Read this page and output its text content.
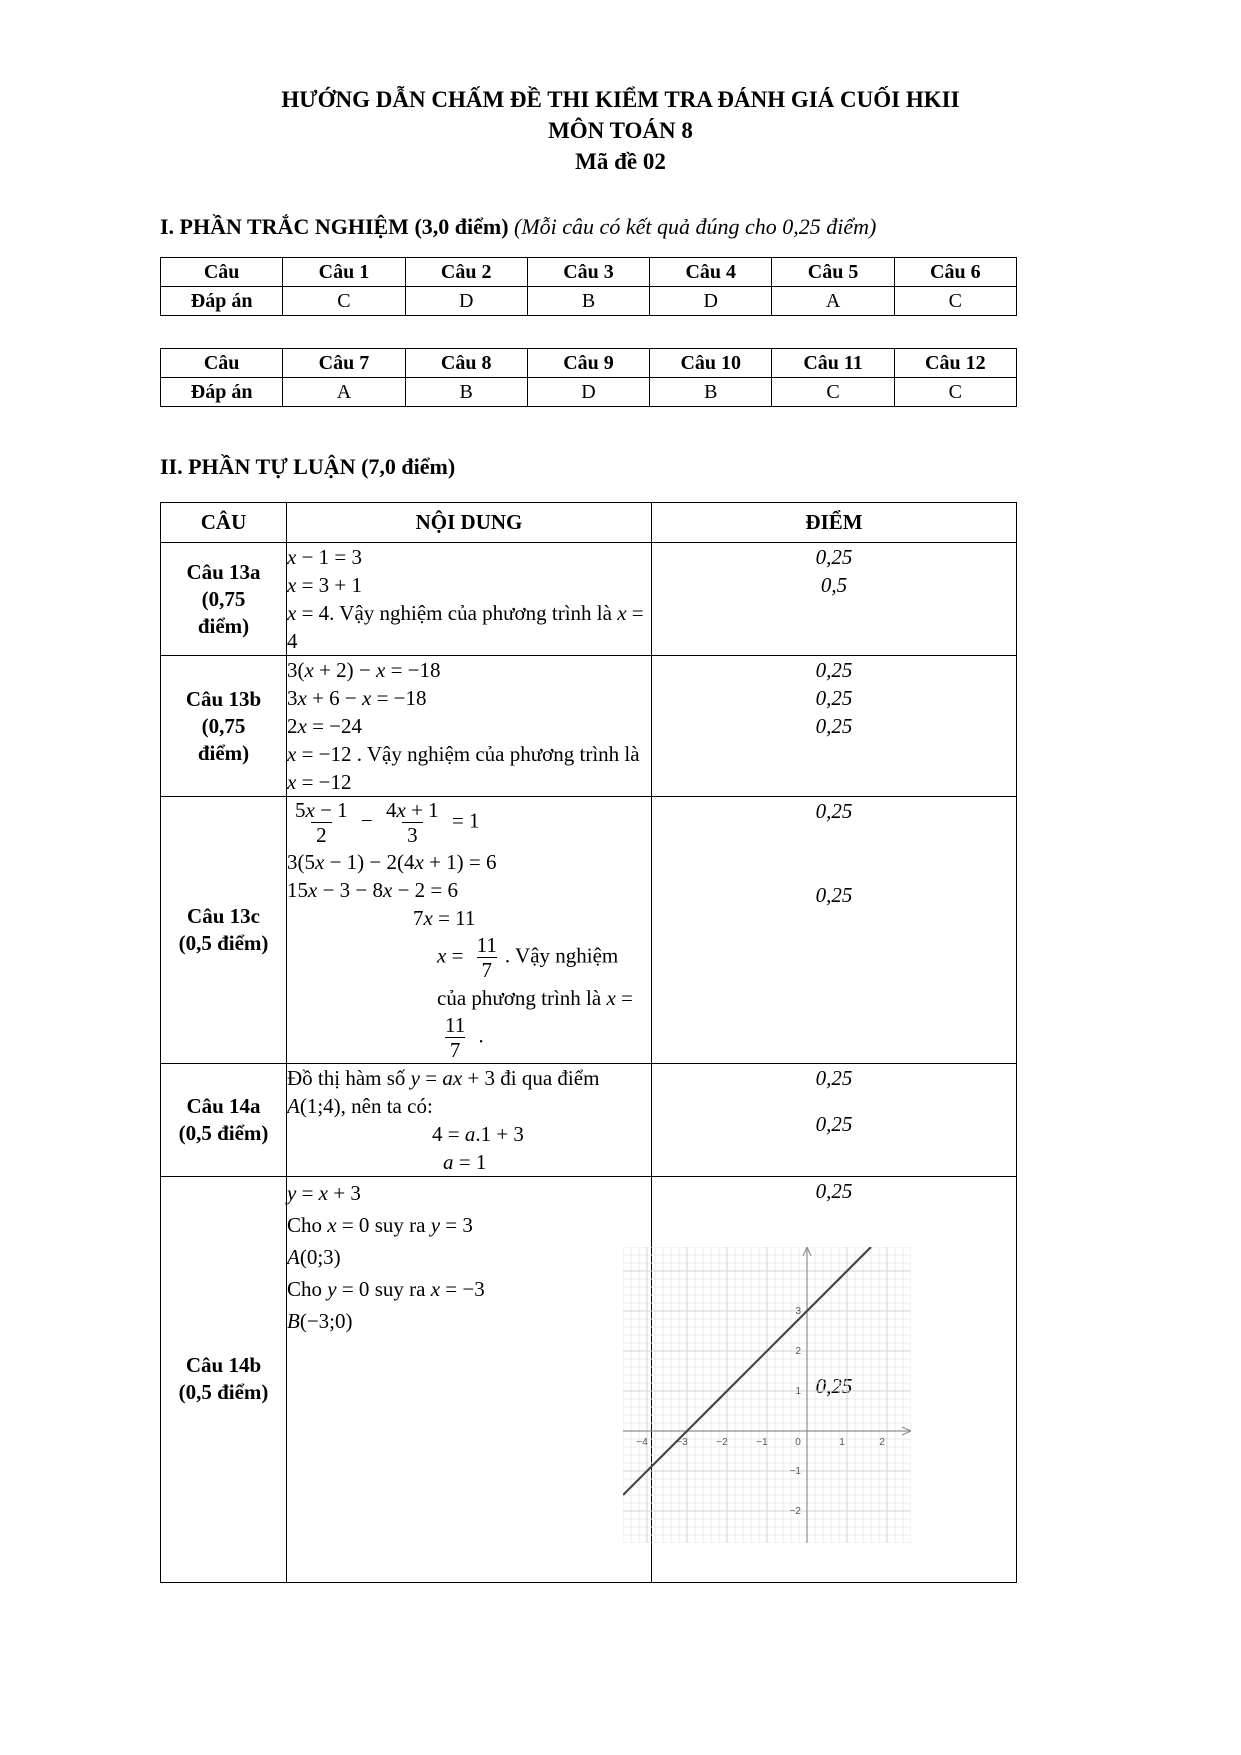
HƯỚNG DẪN CHẤM ĐỀ THI KIỂM TRA ĐÁNH GIÁ CUỐI HKII
MÔN TOÁN 8
Mã đề 02
I. PHẦN TRẮC NGHIỆM (3,0 điểm) (Mỗi câu có kết quả đúng cho 0,25 điểm)
Câu	Câu 1	Câu 2	Câu 3	Câu 4	Câu 5	Câu 6
Đáp án	C	D	B	D	A	C
Câu	Câu 7	Câu 8	Câu 9	Câu 10	Câu 11	Câu 12
Đáp án	A	B	D	B	C	C
II. PHẦN TỰ LUẬN (7,0 điểm)
CÂU	NỘI DUNG	ĐIỂM

Câu 13a
(0,75 điểm)

x − 1 = 3
x = 3 + 1
x = 4. Vậy nghiệm của phương trình là x = 4

0,25
0,5

Câu 13b
(0,75 điểm)

3(x + 2) − x = −18
3x + 6 − x = −18
2x = −24
x = −12 . Vậy nghiệm của phương trình là x = −12

0,25
0,25
0,25

Câu 13c
(0,5 điểm)

$\frac{5x - 1}{2} - \frac{4x + 1}{3} = 1$
3(5x − 1) − 2(4x + 1) = 6
15x − 3 − 8x − 2 = 6
7x = 11
$x = \frac{11}{7}$ . Vậy nghiệm của phương trình là x =
$\frac{11}{7}$ .

0,25
0,25

Câu 14a
(0,5 điểm)

Đồ thị hàm số y = ax + 3 đi qua điểm A(1;4), nên ta có:
4 = a.1 + 3
a = 1

0,25
0,25

Câu 14b
(0,5 điểm)

−4	−3	−2	−1	0	1	2
3
2
1
−1
−2
y = x + 3
Cho x = 0 suy ra y = 3
A(0;3)
Cho y = 0 suy ra x = −3
B(−3;0)

0,25
0,25
